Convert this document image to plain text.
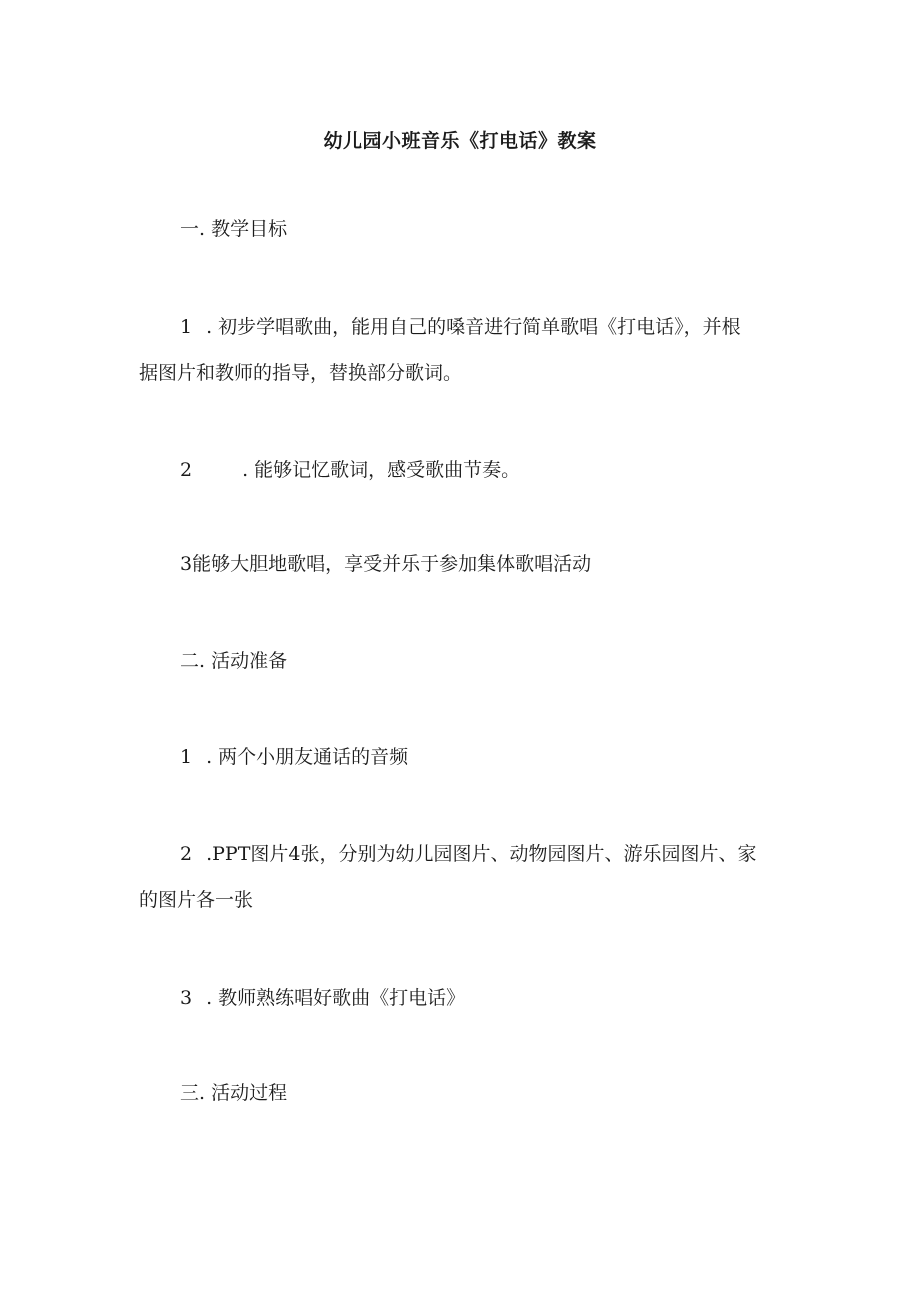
幼儿园小班音乐《打电话》教案
一. 教学目标
1 . 初步学唱歌曲，能用自己的嗓音进行简单歌唱《打电话》，并根
据图片和教师的指导，替换部分歌词。
2	. 能够记忆歌词，感受歌曲节奏。
3能够大胆地歌唱，享受并乐于参加集体歌唱活动
二. 活动准备
1 . 两个小朋友通话的音频
2 .PPT图片4张，分别为幼儿园图片、动物园图片、游乐园图片、家
的图片各一张
3 . 教师熟练唱好歌曲《打电话》
三. 活动过程
